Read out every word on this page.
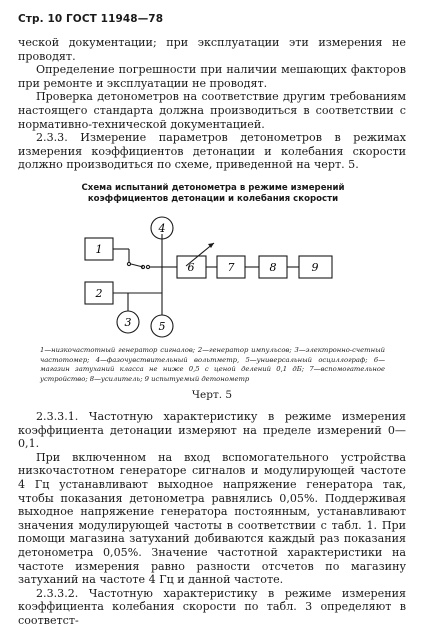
Стр. 10 ГОСТ 11948—78

ческой документации; при эксплуатации эти измерения не проводят.

Определение погрешности при наличии мешающих факторов при ремонте и эксплуатации не проводят.

Проверка детонометров на соответствие другим требованиям настоящего стандарта должна производиться в соответствии с нормативно-технической документацией.

2.3.3. Измерение параметров детонометров в режимах измерения коэффициентов детонации и колебания скорости должно производиться по схеме, приведенной на черт. 5.

Схема испытаний детонометра в режиме измерений коэффициентов детонации и колебания скорости
1
2
3
4
5
6	7	8	9
1—низкочастотный генератор сигналов; 2—генератор импульсов; 3—электронно-счетный частотомер; 4—фазочувствительный вольтметр, 5—универсальный осциллограф; 6—магазин затуханий класса не ниже 0,5 с ценой делений 0,1 дБ; 7—вспомогательное устройство; 8—усилитель; 9 испытуемый детонометр
Черт. 5

2.3.3.1. Частотную характеристику в режиме измерения коэффициента детонации измеряют на пределе измерений 0—0,1.

При включенном на вход вспомогательного устройства низкочастотном генераторе сигналов и модулирующей частоте 4 Гц устанавливают выходное напряжение генератора так, чтобы показания детонометра равнялись 0,05%. Поддерживая выходное напряжение генератора постоянным, устанавливают значения модулирующей частоты в соответствии с табл. 1. При помощи магазина затуханий добиваются каждый раз показания детонометра 0,05%. Значение частотной характеристики на частоте измерения равно разности отсчетов по магазину затуханий на частоте 4 Гц и данной частоте.

2.3.3.2. Частотную характеристику в режиме измерения коэффициента колебания скорости по табл. 3 определяют в соответст-
